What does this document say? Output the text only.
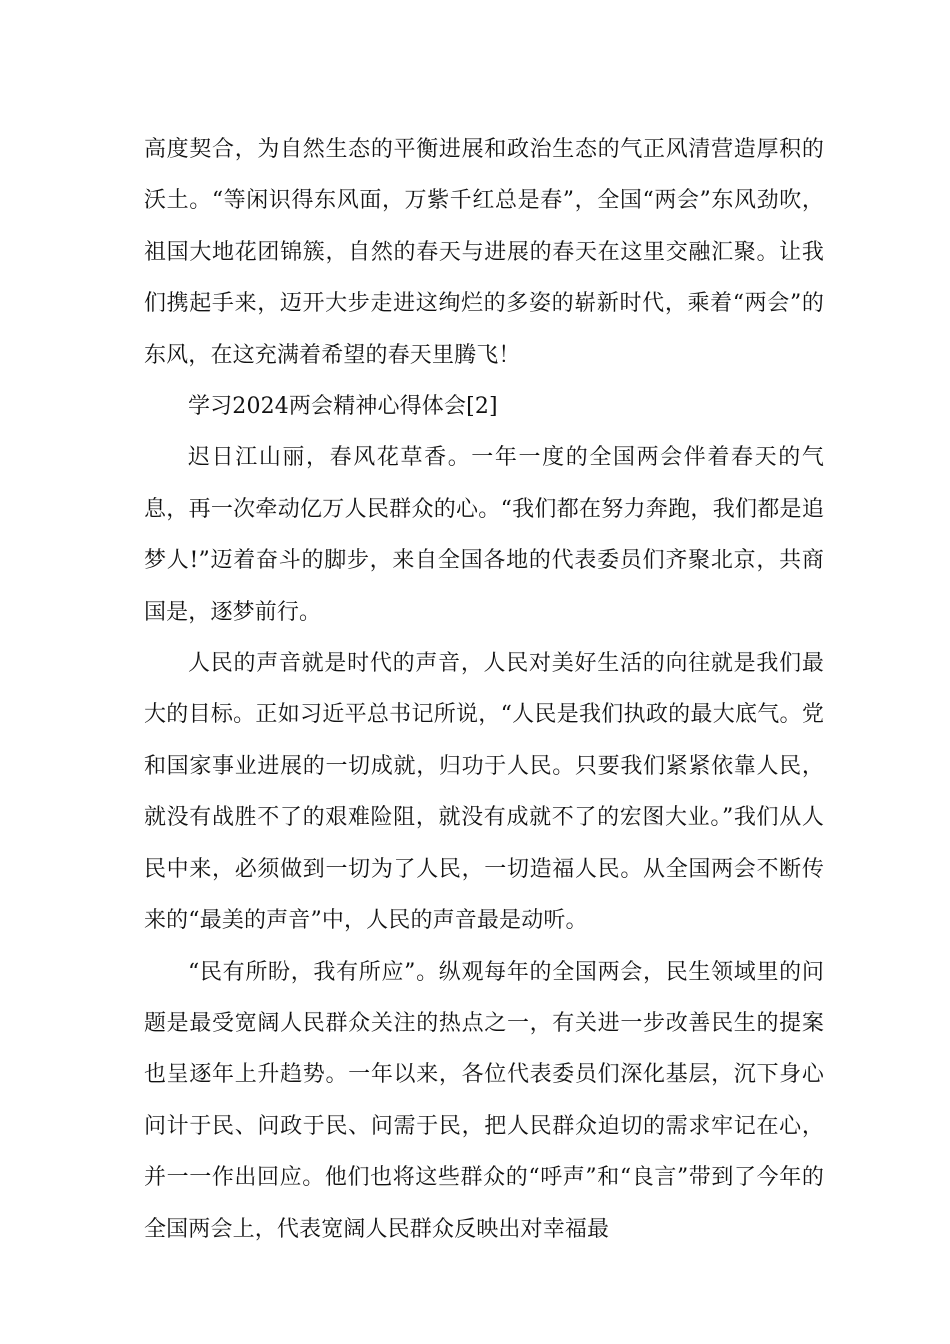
高度契合，为自然生态的平衡进展和政治生态的气正风清营造厚积的沃土。“等闲识得东风面，万紫千红总是春”，全国“两会”东风劲吹，祖国大地花团锦簇，自然的春天与进展的春天在这里交融汇聚。让我们携起手来，迈开大步走进这绚烂的多姿的崭新时代，乘着“两会”的东风，在这充满着希望的春天里腾飞！

学习2024两会精神心得体会[2]

迟日江山丽，春风花草香。一年一度的全国两会伴着春天的气息，再一次牵动亿万人民群众的心。“我们都在努力奔跑，我们都是追梦人!”迈着奋斗的脚步，来自全国各地的代表委员们齐聚北京，共商国是，逐梦前行。

人民的声音就是时代的声音，人民对美好生活的向往就是我们最大的目标。正如习近平总书记所说，“人民是我们执政的最大底气。党和国家事业进展的一切成就，归功于人民。只要我们紧紧依靠人民，就没有战胜不了的艰难险阻，就没有成就不了的宏图大业。”我们从人民中来，必须做到一切为了人民，一切造福人民。从全国两会不断传来的“最美的声音”中，人民的声音最是动听。

“民有所盼，我有所应”。纵观每年的全国两会，民生领域里的问题是最受宽阔人民群众关注的热点之一，有关进一步改善民生的提案也呈逐年上升趋势。一年以来，各位代表委员们深化基层，沉下身心问计于民、问政于民、问需于民，把人民群众迫切的需求牢记在心，并一一作出回应。他们也将这些群众的“呼声”和“良言”带到了今年的全国两会上，代表宽阔人民群众反映出对幸福最
